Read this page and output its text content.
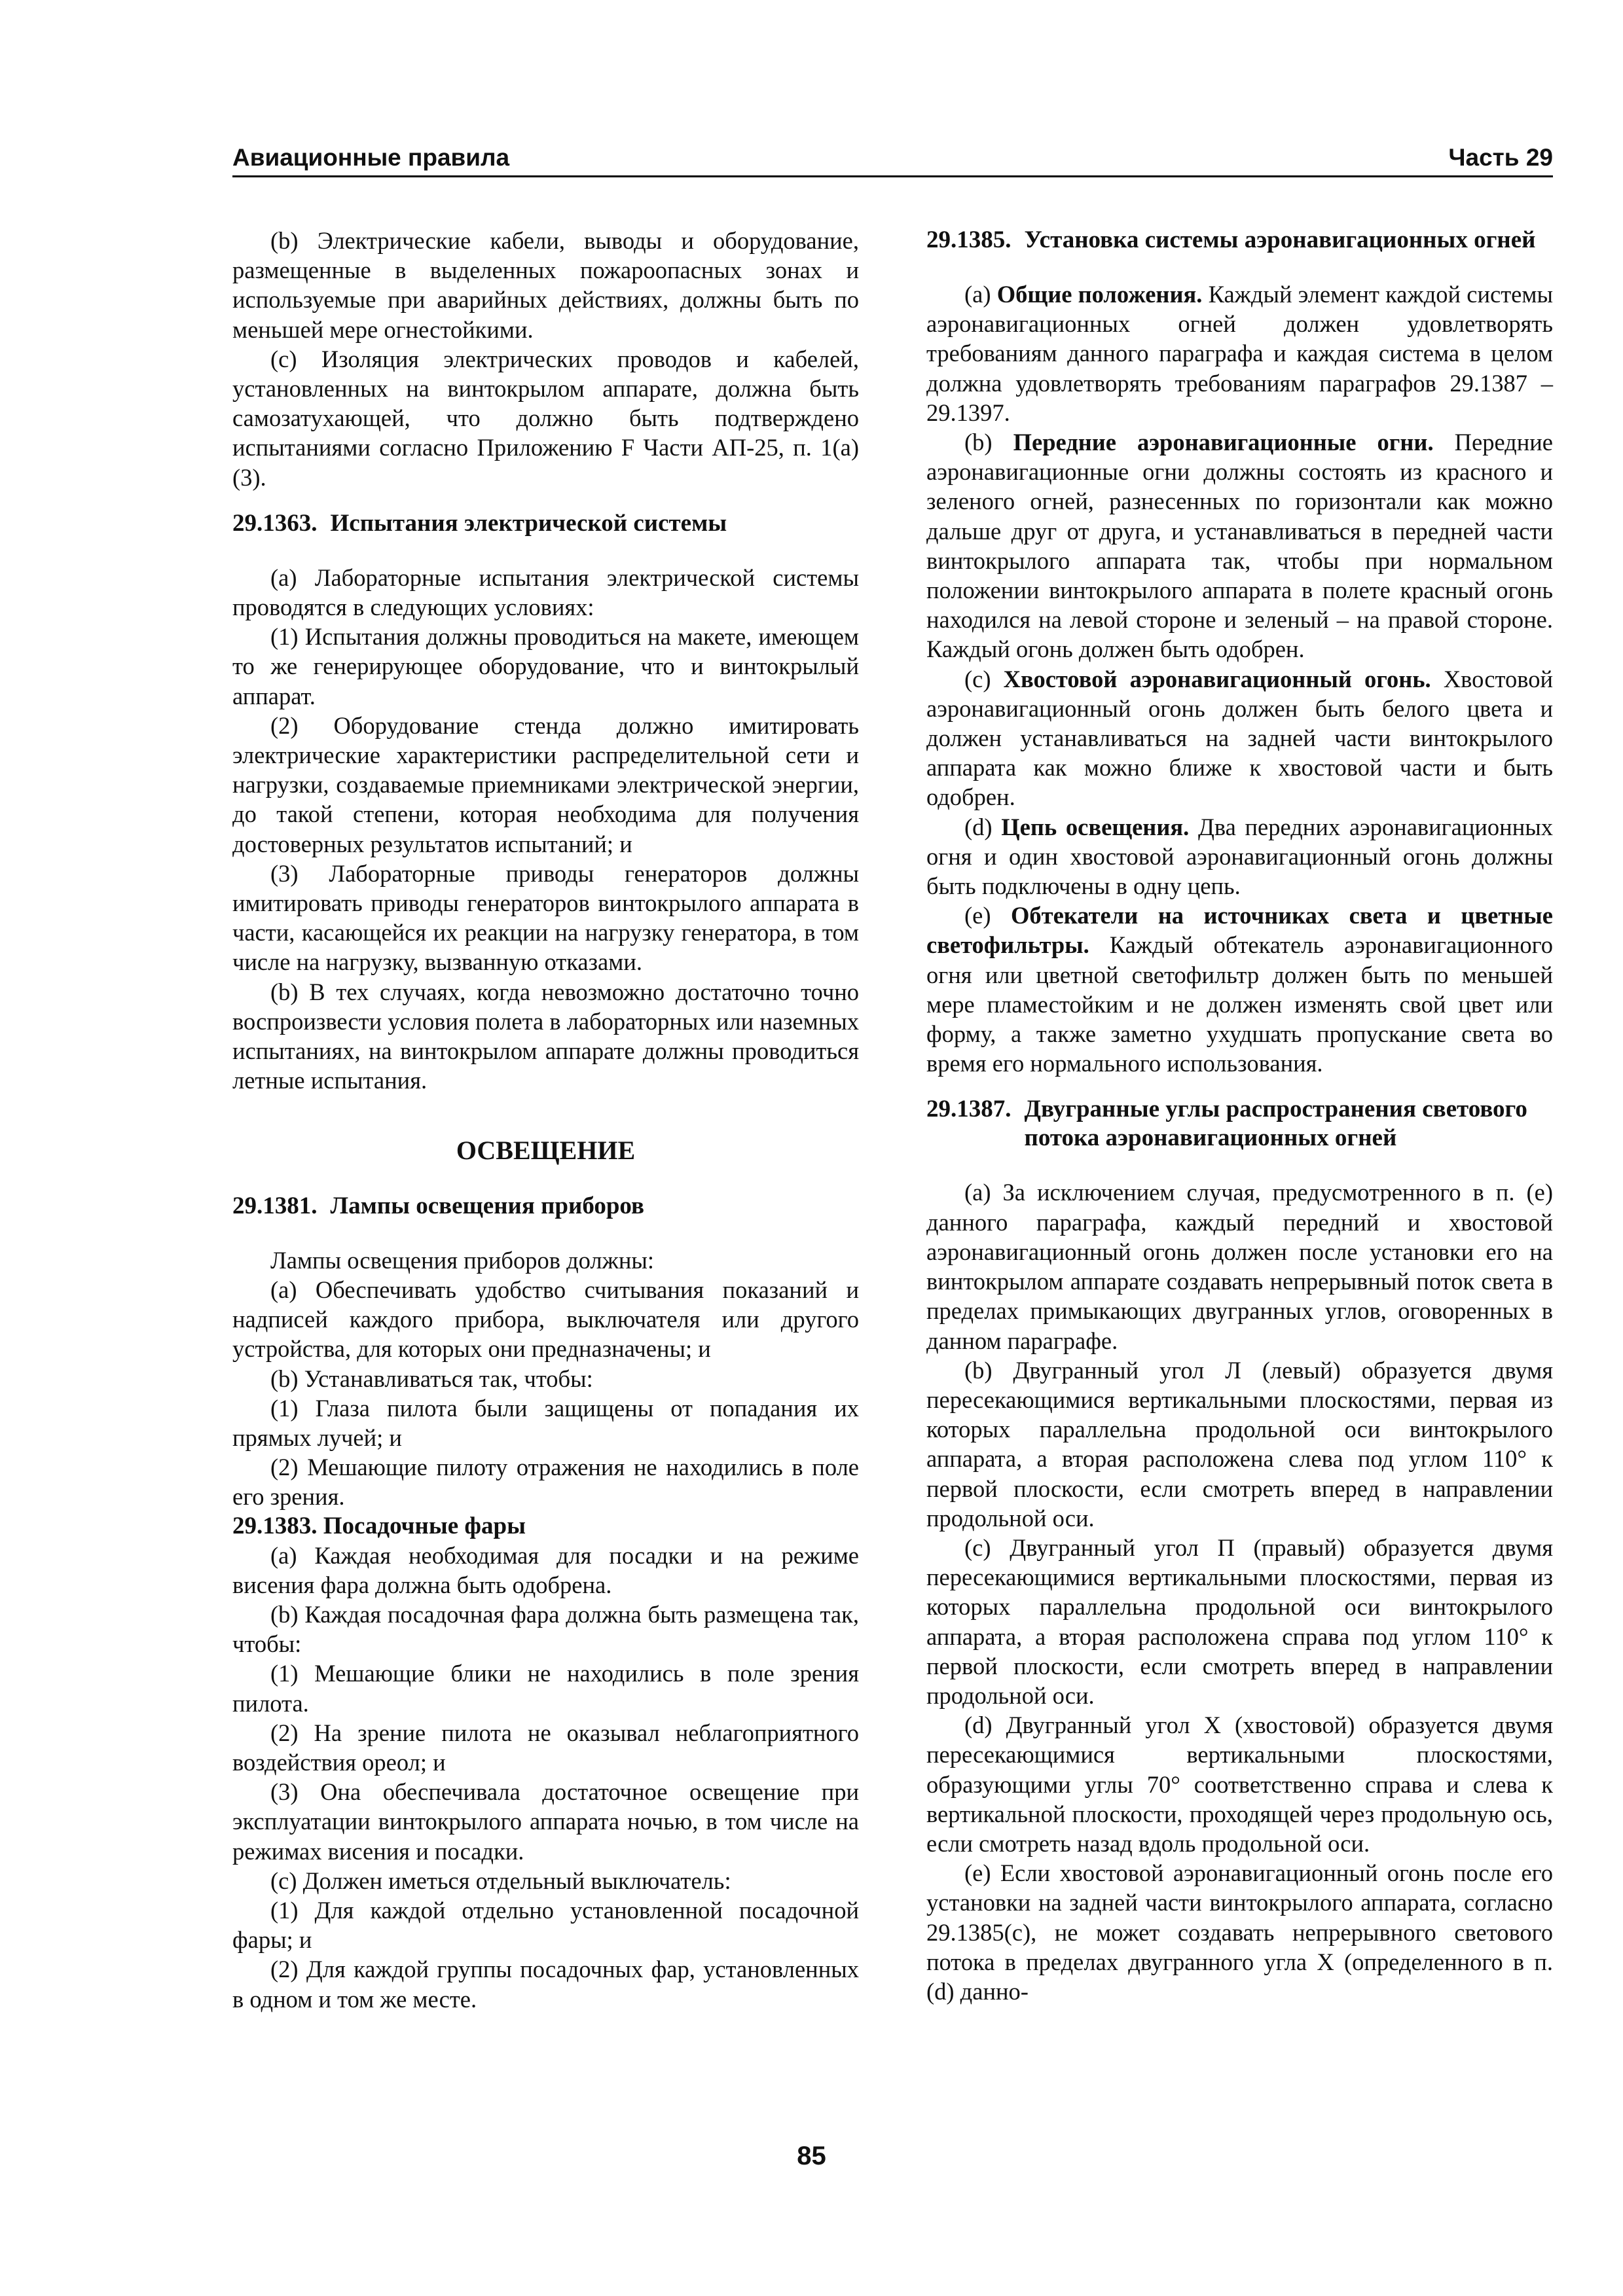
Авиационные правила	Часть 29

(b) Электрические кабели, выводы и оборудование, размещенные в выделенных пожароопасных зонах и используемые при аварийных действиях, должны быть по меньшей мере огнестойкими.

(c) Изоляция электрических проводов и кабелей, установленных на винтокрылом аппарате, должна быть самозатухающей, что должно быть подтверждено испытаниями согласно Приложению F Части АП-25, п. 1(a)(3).

29.1363. Испытания электрической системы

(a) Лабораторные испытания электрической системы проводятся в следующих условиях:

(1) Испытания должны проводиться на макете, имеющем то же генерирующее оборудование, что и винтокрылый аппарат.

(2) Оборудование стенда должно имитировать электрические характеристики распределительной сети и нагрузки, создаваемые приемниками электрической энергии, до такой степени, которая необходима для получения достоверных результатов испытаний; и

(3) Лабораторные приводы генераторов должны имитировать приводы генераторов винтокрылого аппарата в части, касающейся их реакции на нагрузку генератора, в том числе на нагрузку, вызванную отказами.

(b) В тех случаях, когда невозможно достаточно точно воспроизвести условия полета в лабораторных или наземных испытаниях, на винтокрылом аппарате должны проводиться летные испытания.

ОСВЕЩЕНИЕ
29.1381. Лампы освещения приборов

Лампы освещения приборов должны:

(a) Обеспечивать удобство считывания показаний и надписей каждого прибора, выключателя или другого устройства, для которых они предназначены; и

(b) Устанавливаться так, чтобы:

(1) Глаза пилота были защищены от попадания их прямых лучей; и

(2) Мешающие пилоту отражения не находились в поле его зрения.

29.1383. Посадочные фары

(a) Каждая необходимая для посадки и на режиме висения фара должна быть одобрена.

(b) Каждая посадочная фара должна быть размещена так, чтобы:

(1) Мешающие блики не находились в поле зрения пилота.

(2) На зрение пилота не оказывал неблагоприятного воздействия ореол; и

(3) Она обеспечивала достаточное освещение при эксплуатации винтокрылого аппарата ночью, в том числе на режимах висения и посадки.

(c) Должен иметься отдельный выключатель:

(1) Для каждой отдельно установленной посадочной фары; и

(2) Для каждой группы посадочных фар, установленных в одном и том же месте.

29.1385. Установка системы аэронавигационных огней

(a) Общие положения. Каждый элемент каждой системы аэронавигационных огней должен удовлетворять требованиям данного параграфа и каждая система в целом должна удовлетворять требованиям параграфов 29.1387 – 29.1397.

(b) Передние аэронавигационные огни. Передние аэронавигационные огни должны состоять из красного и зеленого огней, разнесенных по горизонтали как можно дальше друг от друга, и устанавливаться в передней части винтокрылого аппарата так, чтобы при нормальном положении винтокрылого аппарата в полете красный огонь находился на левой стороне и зеленый – на правой стороне. Каждый огонь должен быть одобрен.

(c) Хвостовой аэронавигационный огонь. Хвостовой аэронавигационный огонь должен быть белого цвета и должен устанавливаться на задней части винтокрылого аппарата как можно ближе к хвостовой части и быть одобрен.

(d) Цепь освещения. Два передних аэронавигационных огня и один хвостовой аэронавигационный огонь должны быть подключены в одну цепь.

(e) Обтекатели на источниках света и цветные светофильтры. Каждый обтекатель аэронавигационного огня или цветной светофильтр должен быть по меньшей мере пламестойким и не должен изменять свой цвет или форму, а также заметно ухудшать пропускание света во время его нормального использования.

29.1387. Двугранные углы распространения светового потока аэронавигационных огней

(a) За исключением случая, предусмотренного в п. (e) данного параграфа, каждый передний и хвостовой аэронавигационный огонь должен после установки его на винтокрылом аппарате создавать непрерывный поток света в пределах примыкающих двугранных углов, оговоренных в данном параграфе.

(b) Двугранный угол Л (левый) образуется двумя пересекающимися вертикальными плоскостями, первая из которых параллельна продольной оси винтокрылого аппарата, а вторая расположена слева под углом 110° к первой плоскости, если смотреть вперед в направлении продольной оси.

(c) Двугранный угол П (правый) образуется двумя пересекающимися вертикальными плоскостями, первая из которых параллельна продольной оси винтокрылого аппарата, а вторая расположена справа под углом 110° к первой плоскости, если смотреть вперед в направлении продольной оси.

(d) Двугранный угол Х (хвостовой) образуется двумя пересекающимися вертикальными плоскостями, образующими углы 70° соответственно справа и слева к вертикальной плоскости, проходящей через продольную ось, если смотреть назад вдоль продольной оси.

(e) Если хвостовой аэронавигационный огонь после его установки на задней части винтокрылого аппарата, согласно 29.1385(c), не может создавать непрерывного светового потока в пределах двугранного угла Х (определенного в п. (d) данно-

85
